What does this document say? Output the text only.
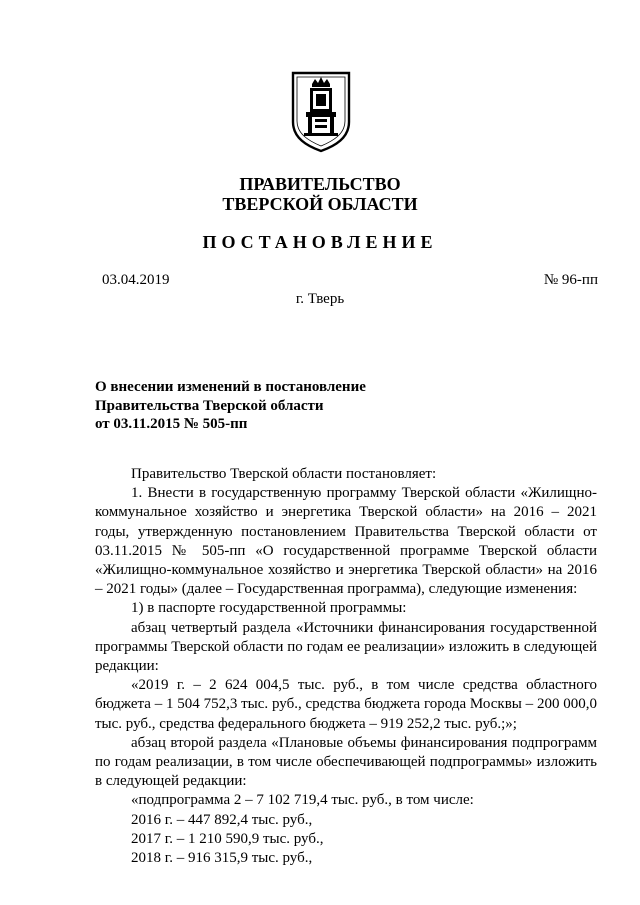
ПРАВИТЕЛЬСТВО
ТВЕРСКОЙ ОБЛАСТИ
ПОСТАНОВЛЕНИЕ
03.04.2019	№ 96-пп
г. Тверь
О внесении изменений в постановление
Правительства Тверской области
от 03.11.2015 № 505-пп

Правительство Тверской области постановляет:

1. Внести в государственную программу Тверской области «Жилищно-коммунальное хозяйство и энергетика Тверской области» на 2016 – 2021 годы, утвержденную постановлением Правительства Тверской области от 03.11.2015 № 505-пп «О государственной программе Тверской области «Жилищно-коммунальное хозяйство и энергетика Тверской области» на 2016 – 2021 годы» (далее – Государственная программа), следующие изменения:

1) в паспорте государственной программы:

абзац четвертый раздела «Источники финансирования государственной программы Тверской области по годам ее реализации» изложить в следующей редакции:

«2019 г. – 2 624 004,5 тыс. руб., в том числе средства областного бюджета – 1 504 752,3 тыс. руб., средства бюджета города Москвы – 200 000,0 тыс. руб., средства федерального бюджета – 919 252,2 тыс. руб.;»;

абзац второй раздела «Плановые объемы финансирования подпрограмм по годам реализации, в том числе обеспечивающей подпрограммы» изложить в следующей редакции:

«подпрограмма 2 – 7 102 719,4 тыс. руб., в том числе:

2016 г. – 447 892,4 тыс. руб.,

2017 г. – 1 210 590,9 тыс. руб.,

2018 г. – 916 315,9 тыс. руб.,
